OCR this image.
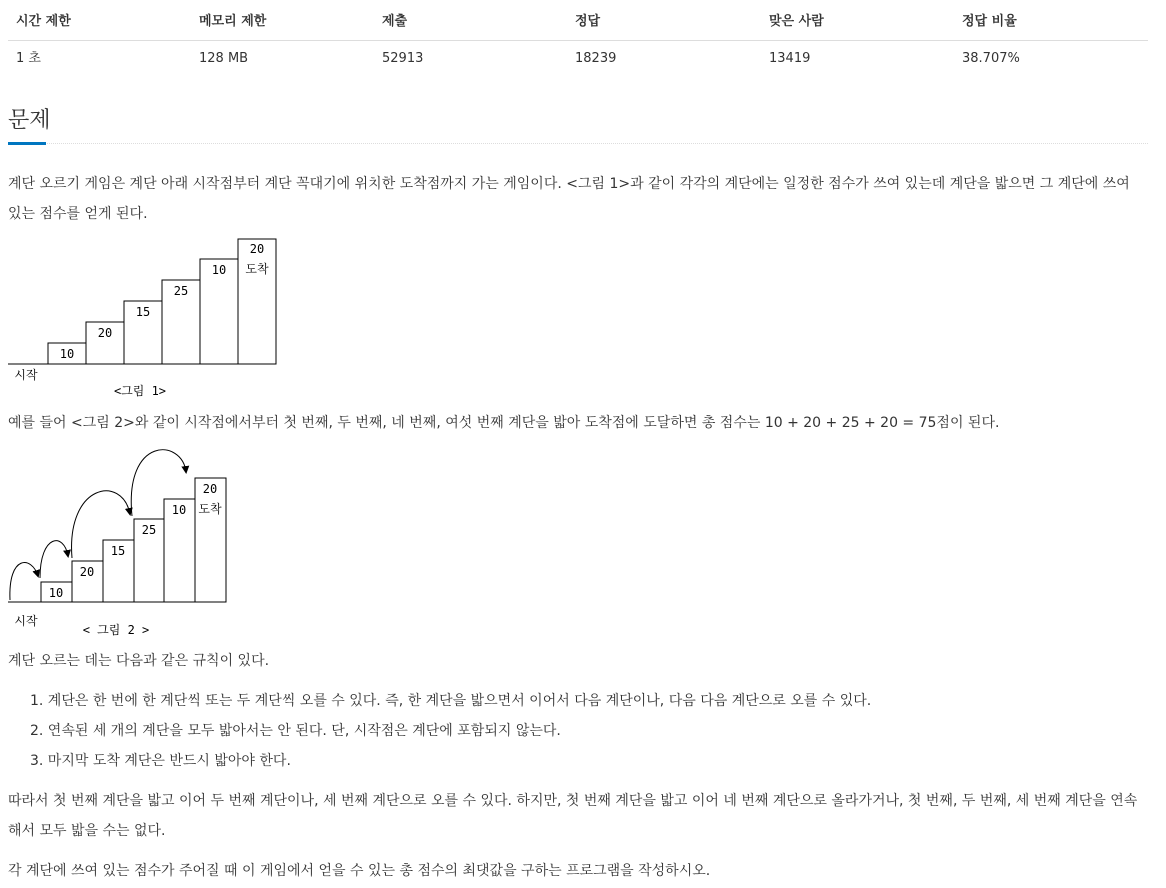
시간 제한	메모리 제한	제출	정답	맞은 사람	정답 비율
1 초	128 MB	52913	18239	13419	38.707%
문제

계단 오르기 게임은 계단 아래 시작점부터 계단 꼭대기에 위치한 도착점까지 가는 게임이다. <그림 1>과 같이 각각의 계단에는 일정한 점수가 쓰여 있는데 계단을 밟으면 그 계단에 쓰여

있는 점수를 얻게 된다.

10
20
15
25
10
20
도착
시작
<그림 1>

예를 들어 <그림 2>와 같이 시작점에서부터 첫 번째, 두 번째, 네 번째, 여섯 번째 계단을 밟아 도착점에 도달하면 총 점수는 10 + 20 + 25 + 20 = 75점이 된다.

10
20
15
25
10
20
도착
시작
< 그림 2 >

계단 오르는 데는 다음과 같은 규칙이 있다.

1. 계단은 한 번에 한 계단씩 또는 두 계단씩 오를 수 있다. 즉, 한 계단을 밟으면서 이어서 다음 계단이나, 다음 다음 계단으로 오를 수 있다.
2. 연속된 세 개의 계단을 모두 밟아서는 안 된다. 단, 시작점은 계단에 포함되지 않는다.
3. 마지막 도착 계단은 반드시 밟아야 한다.

따라서 첫 번째 계단을 밟고 이어 두 번째 계단이나, 세 번째 계단으로 오를 수 있다. 하지만, 첫 번째 계단을 밟고 이어 네 번째 계단으로 올라가거나, 첫 번째, 두 번째, 세 번째 계단을 연속

해서 모두 밟을 수는 없다.

각 계단에 쓰여 있는 점수가 주어질 때 이 게임에서 얻을 수 있는 총 점수의 최댓값을 구하는 프로그램을 작성하시오.
